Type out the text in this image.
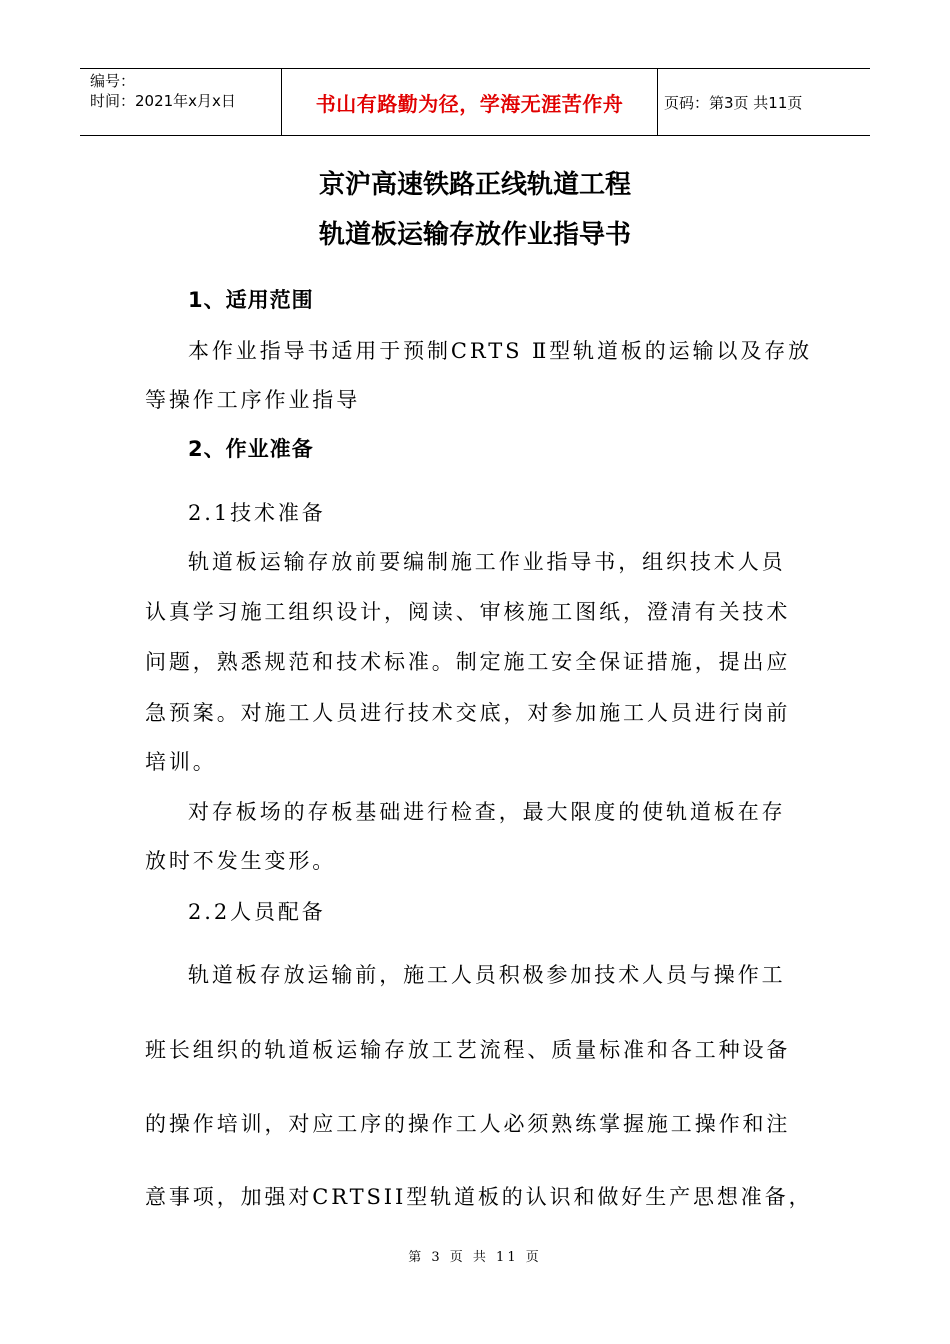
编号：
时间：2021年x月x日	书山有路勤为径，学海无涯苦作舟	页码：第3页 共11页
京沪高速铁路正线轨道工程
轨道板运输存放作业指导书

1、适用范围

本作业指导书适用于预制CRTS Ⅱ型轨道板的运输以及存放

等操作工序作业指导

2、作业准备

2.1技术准备

轨道板运输存放前要编制施工作业指导书，组织技术人员

认真学习施工组织设计，阅读、审核施工图纸，澄清有关技术

问题，熟悉规范和技术标准。制定施工安全保证措施，提出应

急预案。对施工人员进行技术交底，对参加施工人员进行岗前

培训。

对存板场的存板基础进行检查，最大限度的使轨道板在存

放时不发生变形。

2.2人员配备

轨道板存放运输前，施工人员积极参加技术人员与操作工

班长组织的轨道板运输存放工艺流程、质量标准和各工种设备

的操作培训，对应工序的操作工人必须熟练掌握施工操作和注

意事项，加强对CRTSII型轨道板的认识和做好生产思想准备，

第 3 页 共 11 页
